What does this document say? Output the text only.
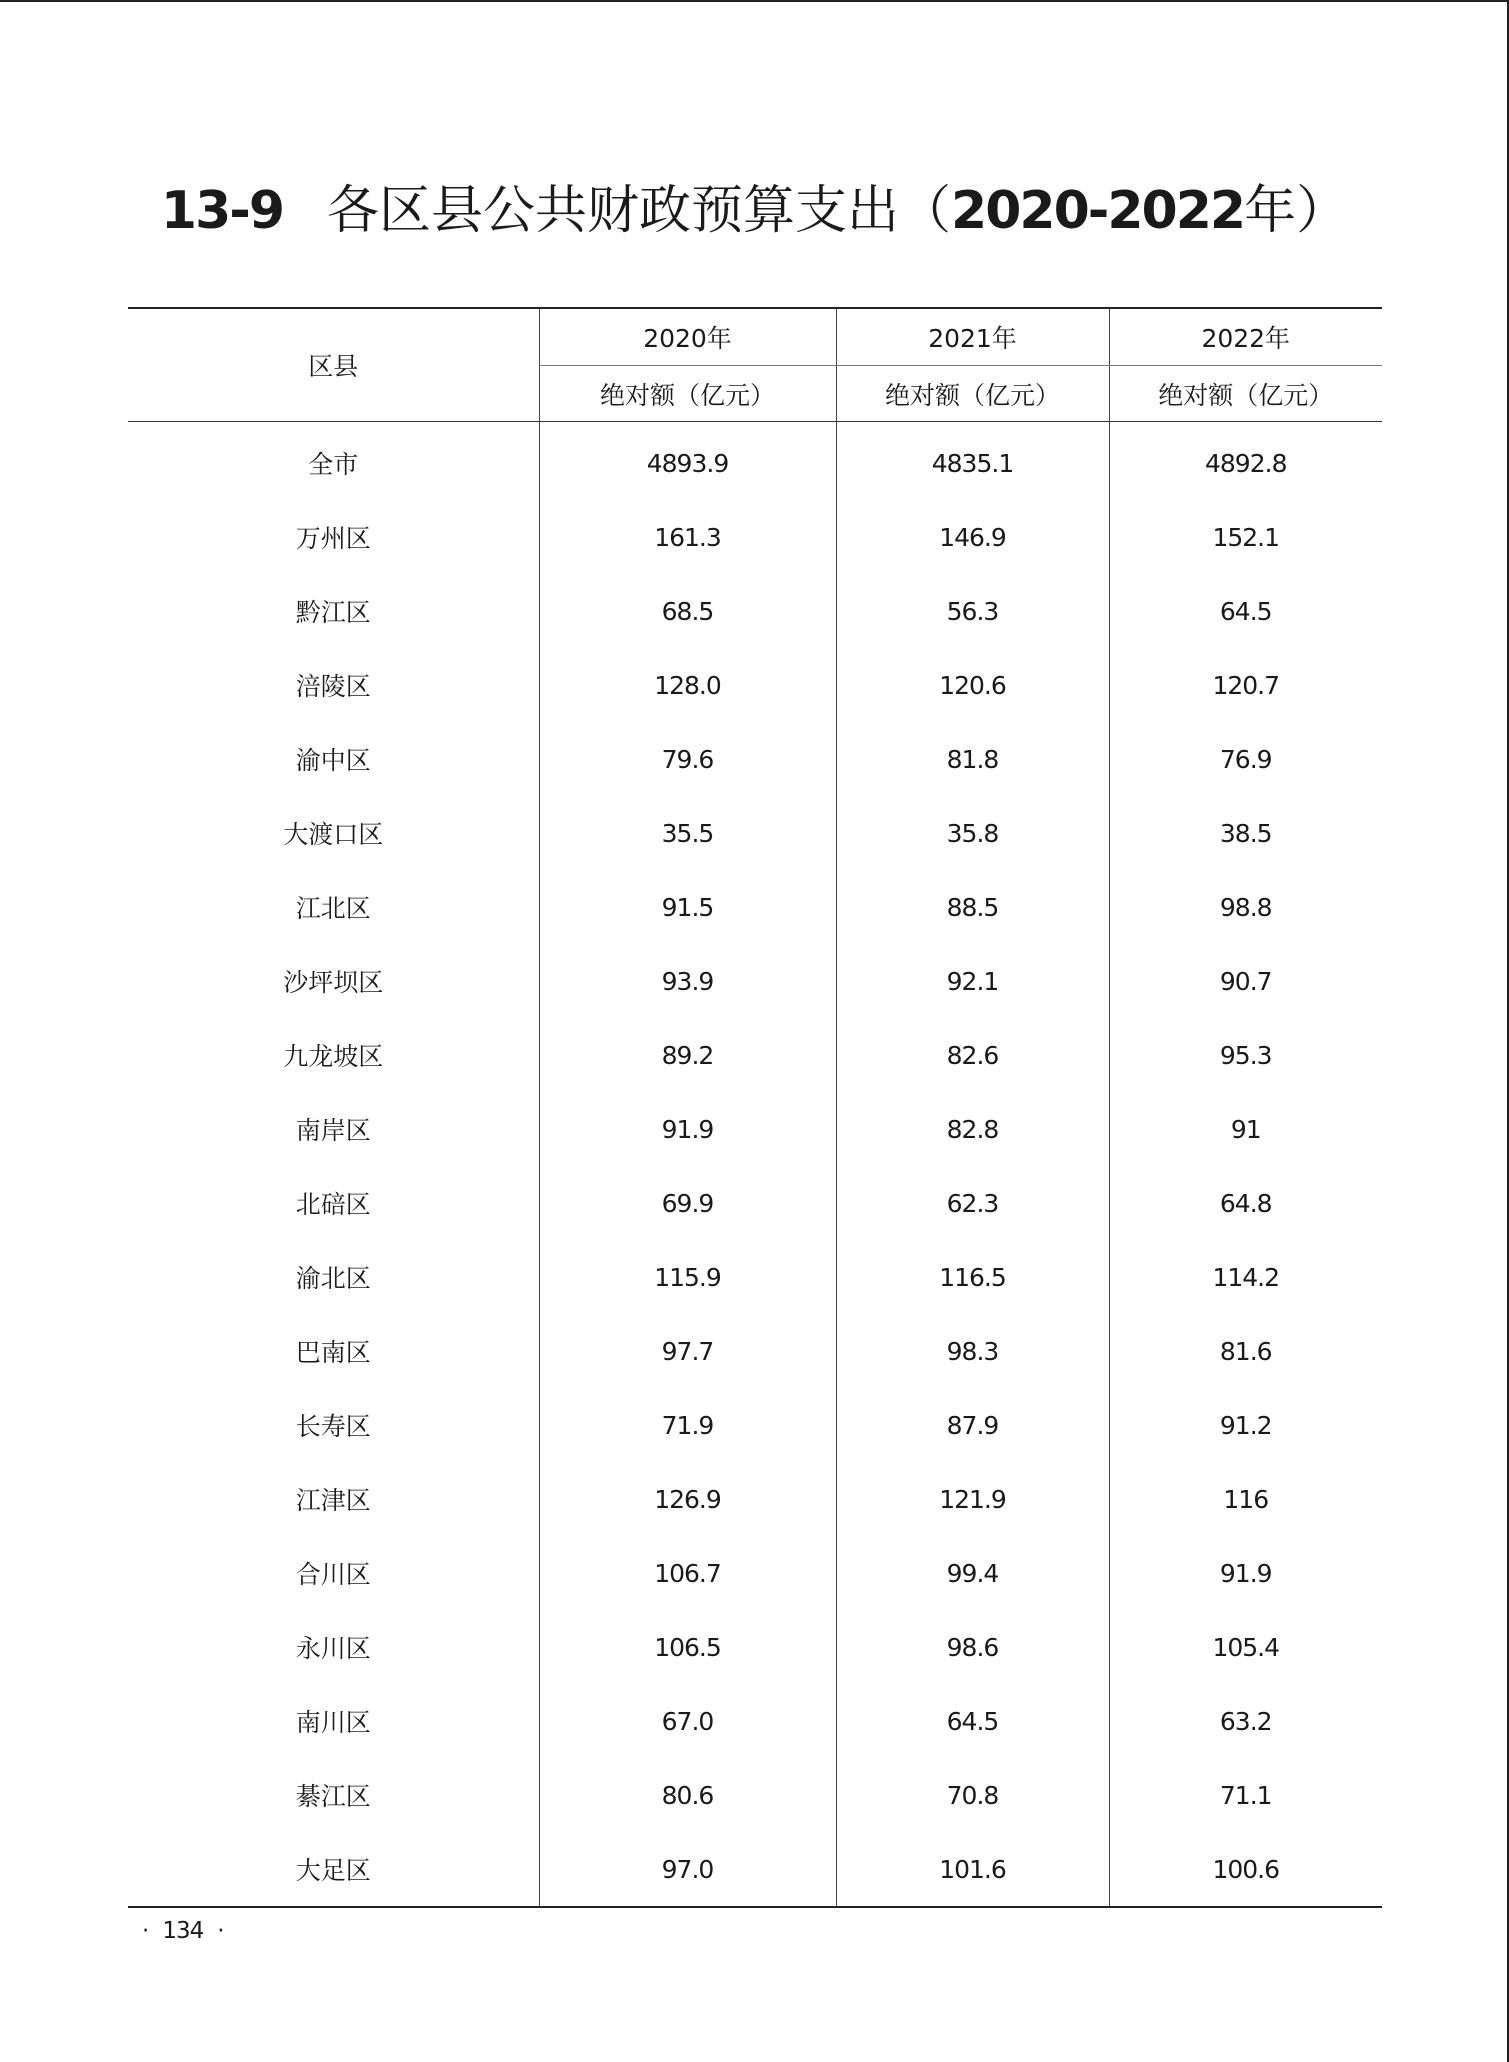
13-9 各区县公共财政预算支出（2020-2022年）
区县	2020年	2021年	2022年
	绝对额（亿元）	绝对额（亿元）	绝对额（亿元）
全市	4893.9	4835.1	4892.8
万州区	161.3	146.9	152.1
黔江区	68.5	56.3	64.5
涪陵区	128.0	120.6	120.7
渝中区	79.6	81.8	76.9
大渡口区	35.5	35.8	38.5
江北区	91.5	88.5	98.8
沙坪坝区	93.9	92.1	90.7
九龙坡区	89.2	82.6	95.3
南岸区	91.9	82.8	91
北碚区	69.9	62.3	64.8
渝北区	115.9	116.5	114.2
巴南区	97.7	98.3	81.6
长寿区	71.9	87.9	91.2
江津区	126.9	121.9	116
合川区	106.7	99.4	91.9
永川区	106.5	98.6	105.4
南川区	67.0	64.5	63.2
綦江区	80.6	70.8	71.1
大足区	97.0	101.6	100.6
· 134 ·
